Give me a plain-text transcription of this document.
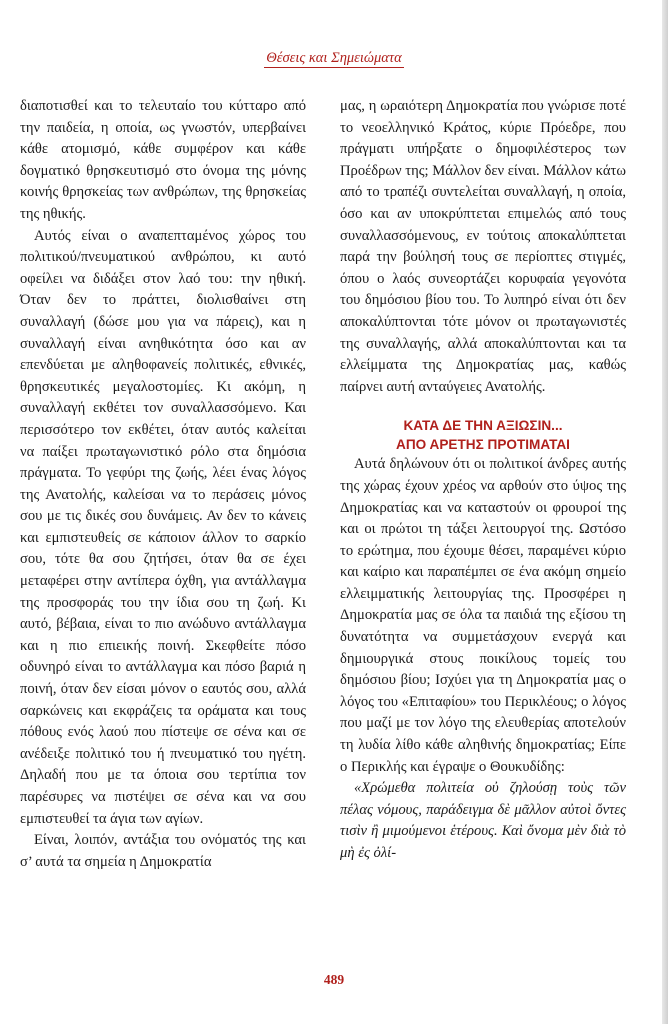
Θέσεις και Σημειώματα

διαποτισθεί και το τελευταίο του κύτταρο από την παιδεία, η οποία, ως γνωστόν, υπερβαίνει κάθε ατομισμό, κάθε συμφέρον και κάθε δογματικό θρησκευτισμό στο όνομα της μόνης κοινής θρησκείας των ανθρώπων, της θρησκείας της ηθικής.

Αυτός είναι ο αναπεπταμένος χώρος του πολιτικού/πνευματικού ανθρώπου, κι αυτό οφείλει να διδάξει στον λαό του: την ηθική. Όταν δεν το πράττει, διολισθαίνει στη συναλλαγή (δώσε μου για να πάρεις), και η συναλλαγή είναι ανηθικότητα όσο και αν επενδύεται με αληθοφανείς πολιτικές, εθνικές, θρησκευτικές μεγαλοστομίες. Κι ακόμη, η συναλλαγή εκθέτει τον συναλλασσόμενο. Και περισσότερο τον εκθέτει, όταν αυτός καλείται να παίξει πρωταγωνιστικό ρόλο στα δημόσια πράγματα. Το γεφύρι της ζωής, λέει ένας λόγος της Ανατολής, καλείσαι να το περάσεις μόνος σου με τις δικές σου δυνάμεις. Αν δεν το κάνεις και εμπιστευθείς σε κάποιον άλλον το σαρκίο σου, τότε θα σου ζητήσει, όταν θα σε έχει μεταφέρει στην αντίπερα όχθη, για αντάλλαγμα της προσφοράς του την ίδια σου τη ζωή. Κι αυτό, βέβαια, είναι το πιο ανώδυνο αντάλλαγμα και η πιο επιεικής ποινή. Σκεφθείτε πόσο οδυνηρό είναι το αντάλλαγμα και πόσο βαριά η ποινή, όταν δεν είσαι μόνον ο εαυτός σου, αλλά σαρκώνεις και εκφράζεις τα οράματα και τους πόθους ενός λαού που πίστεψε σε σένα και σε ανέδειξε πολιτικό του ή πνευματικό του ηγέτη. Δηλαδή που με τα όποια σου τερτίπια τον παρέσυρες να πιστέψει σε σένα και να σου εμπιστευθεί τα άγια των αγίων.

Είναι, λοιπόν, αντάξια του ονόματός της και σ’ αυτά τα σημεία η Δημοκρατία

μας, η ωραιότερη Δημοκρατία που γνώρισε ποτέ το νεοελληνικό Κράτος, κύριε Πρόεδρε, που πράγματι υπήρξατε ο δημοφιλέστερος των Προέδρων της; Μάλλον δεν είναι. Μάλλον κάτω από το τραπέζι συντελείται συναλλαγή, η οποία, όσο και αν υποκρύπτεται επιμελώς από τους συναλλασσόμενους, εν τούτοις αποκαλύπτεται παρά την βούλησή τους σε περίοπτες στιγμές, όπου ο λαός συνεορτάζει κορυφαία γεγονότα του δημόσιου βίου του. Το λυπηρό είναι ότι δεν αποκαλύπτονται τότε μόνον οι πρωταγωνιστές της συναλλαγής, αλλά αποκαλύπτονται και τα ελλείμματα της Δημοκρατίας μας, καθώς παίρνει αυτή ανταύγειες Ανατολής.

ΚΑΤΑ ΔΕ ΤΗΝ ΑΞΙΩΣΙΝ...
ΑΠΟ ΑΡΕΤΗΣ ΠΡΟΤΙΜΑΤΑΙ

Αυτά δηλώνουν ότι οι πολιτικοί άνδρες αυτής της χώρας έχουν χρέος να αρθούν στο ύψος της Δημοκρατίας και να καταστούν οι φρουροί της και οι πρώτοι τη τάξει λειτουργοί της. Ωστόσο το ερώτημα, που έχουμε θέσει, παραμένει κύριο και καίριο και παραπέμπει σε ένα ακόμη σημείο ελλειμματικής λειτουργίας της. Προσφέρει η Δημοκρατία μας σε όλα τα παιδιά της εξίσου τη δυνατότητα να συμμετάσχουν ενεργά και δημιουργικά στους ποικίλους τομείς του δημόσιου βίου; Ισχύει για τη Δημοκρατία μας ο λόγος του «Επιταφίου» του Περικλέους; ο λόγος που μαζί με τον λόγο της ελευθερίας αποτελούν τη λυδία λίθο κάθε αληθινής δημοκρατίας; Είπε ο Περικλής και έγραψε ο Θουκυδίδης:

«Χρώμεθα πολιτεία οὐ ζηλούσῃ τοὺς τῶν πέλας νόμους, παράδειγμα δὲ μᾶλλον αὐτοὶ ὄντες τισὶν ἢ μιμούμενοι ἑτέρους. Καὶ ὄνομα μὲν διὰ τὸ μὴ ἐς ὀλί-

489
